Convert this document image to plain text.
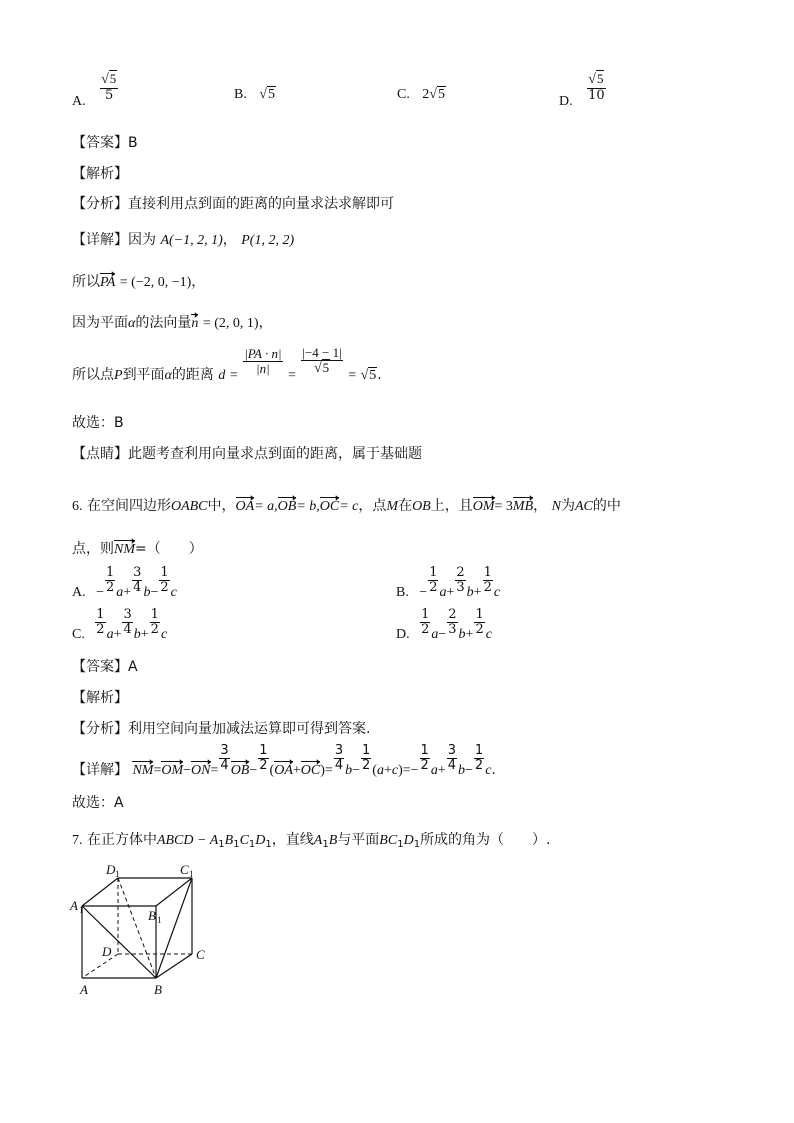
A. $\frac{√5}{5}$	B. √5	C. 2√5	D. $\frac{√5}{10}$
【答案】B
【解析】
【分析】直接利用点到面的距离的向量求法求解即可
【详解】因为 A(−1, 2, 1)， P(1, 2, 2)
所以PA = (−2, 0, −1)，
因为平面α的法向量n = (2, 0, 1)，
所以点P到平面α的距离 d =
$\frac{|PA \cdot n|}{|n|}$
= $\frac{|-4 - 1|}{√5} = √5$.
故选：B
【点睛】此题考查利用向量求点到面的距离，属于基础题
6. 在空间四边形OABC中，OA= a,OB= b,OC= c，点M在OB上，且OM= 3MB， N为AC的中
点，则NM=（　　）
A. − $\frac{1}{2} a+ \frac{3}{4} b- \frac{1}{2}$ c	B. − $\frac{1}{2} a+ \frac{2}{3} b+ \frac{1}{2}$ c
C. $\frac{1}{2} a+ \frac{3}{4} b+ \frac{1}{2}$ c	D. $\frac{1}{2} a- \frac{2}{3} b+ \frac{1}{2}$ c
【答案】A
【解析】
【分析】利用空间向量加减法运算即可得到答案.
【详解】 $NM=OM-ON= \frac{3}{4} OB- \frac{1}{2} (OA+OC)= \frac{3}{4} b- \frac{1}{2} (a+c)=- \frac{1}{2} a+ \frac{3}{4} b- \frac{1}{2} c$.
故选：A
7. 在正方体中ABCD − $A_1B_1C_1D_1$，直线$A_1B$与平面$BC_1D_1$所成的角为（　　）.
D 1	C 1
A 1	B 1
D	C
A	B
